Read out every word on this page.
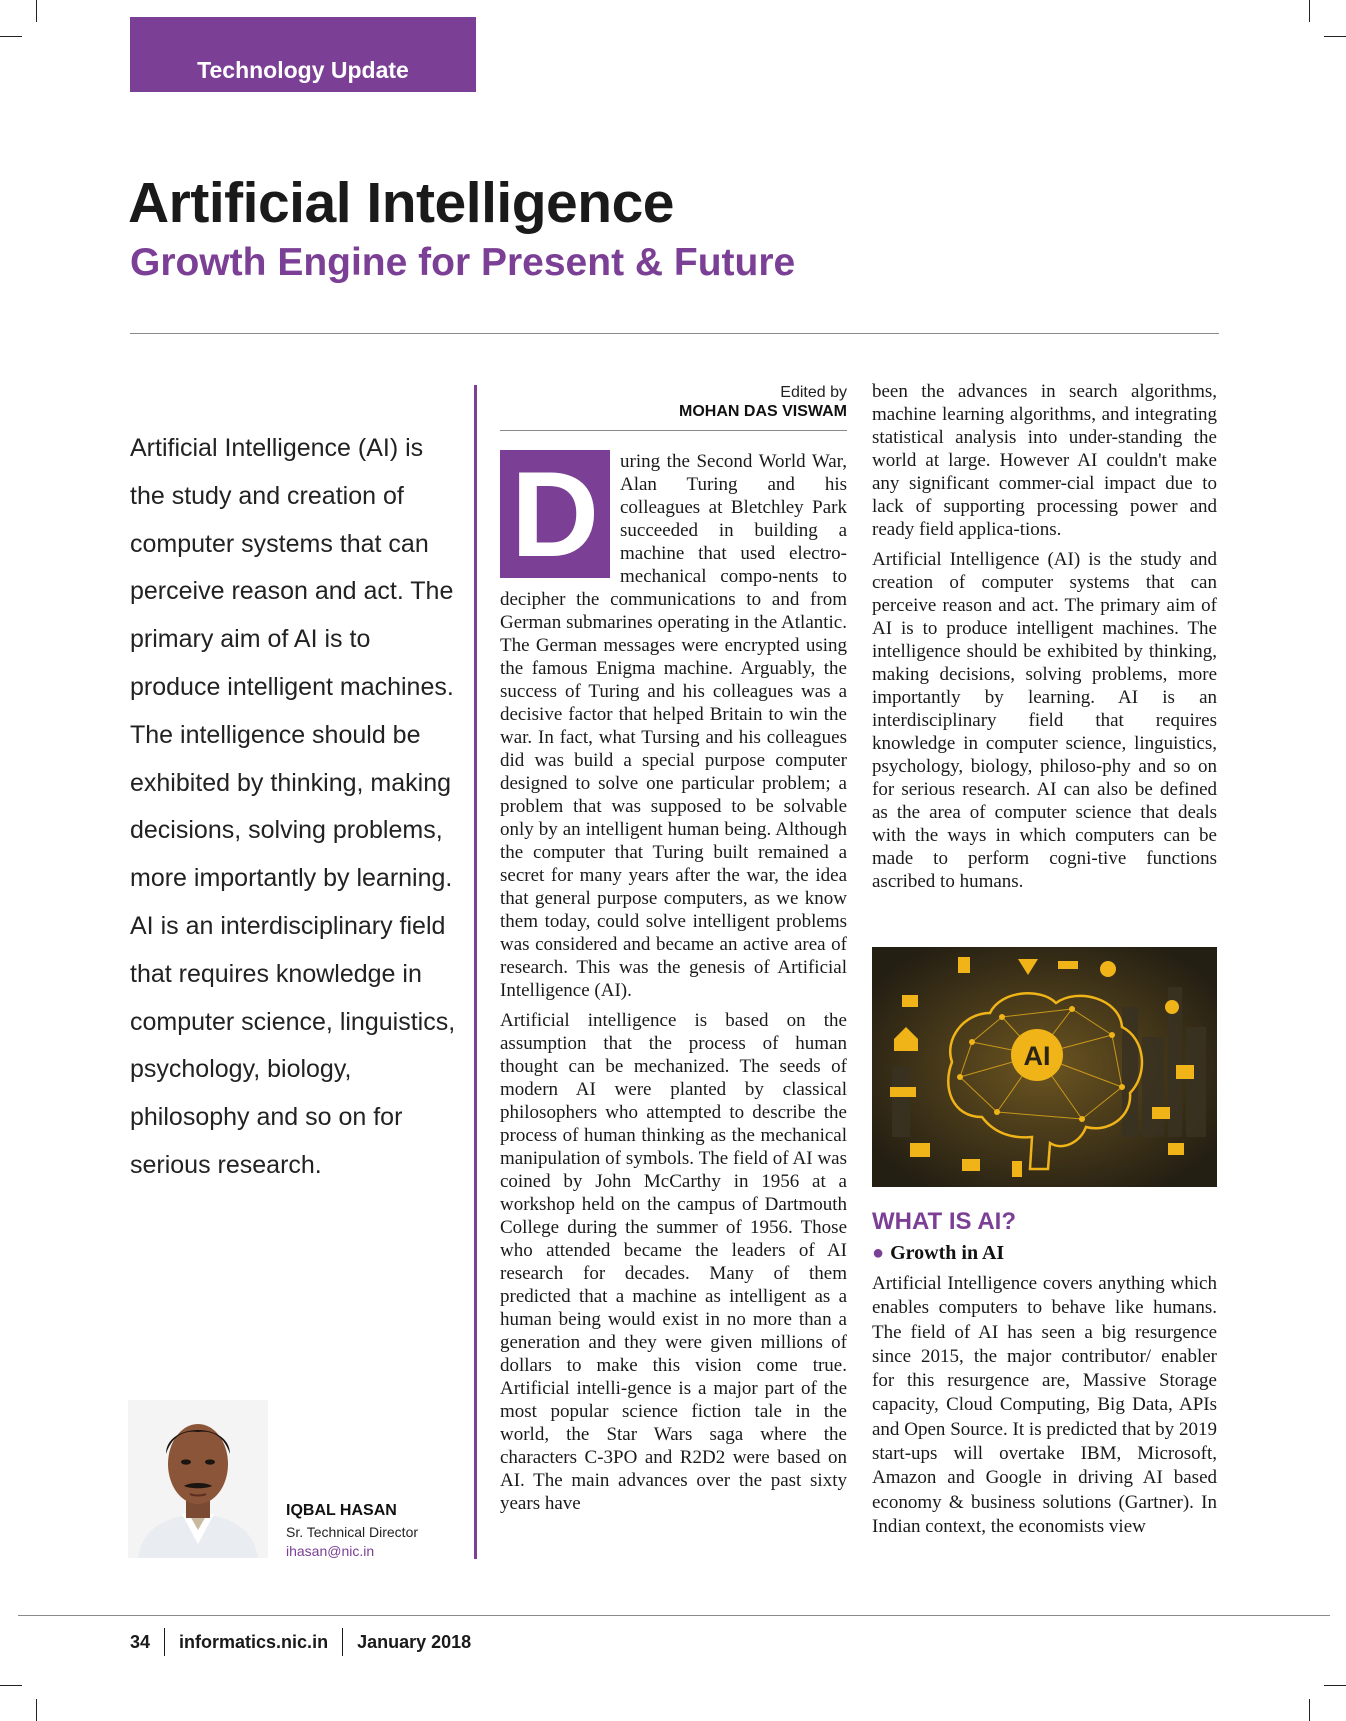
Technology Update
Artificial Intelligence
Growth Engine for Present & Future
Artificial Intelligence (AI) is
the study and creation of
computer systems that can
perceive reason and act. The
primary aim of AI is to
produce intelligent machines.
The intelligence should be
exhibited by thinking, making
decisions, solving problems,
more importantly by learning.
AI is an interdisciplinary field
that requires knowledge in
computer science, linguistics,
psychology, biology,
philosophy and so on for
serious research.
IQBAL HASAN
Sr. Technical Director
ihasan@nic.in
Edited by
MOHAN DAS VISWAM

D	uring the Second World War, Alan Turing and his colleagues at Bletchley Park succeeded in building a machine that used electro-mechanical compo-nents to decipher the communications to and from German submarines operating in the Atlantic. The German messages were encrypted using the famous Enigma machine. Arguably, the success of Turing and his colleagues was a decisive factor that helped Britain to win the war. In fact, what Tursing and his colleagues did was build a special purpose computer designed to solve one particular problem; a problem that was supposed to be solvable only by an intelligent human being. Although the computer that Turing built remained a secret for many years after the war, the idea that general purpose computers, as we know them today, could solve intelligent problems was considered and became an active area of research. This was the genesis of Artificial Intelligence (AI).

Artificial intelligence is based on the assumption that the process of human thought can be mechanized. The seeds of modern AI were planted by classical philosophers who attempted to describe the process of human thinking as the mechanical manipulation of symbols. The field of AI was coined by John McCarthy in 1956 at a workshop held on the campus of Dartmouth College during the summer of 1956. Those who attended became the leaders of AI research for decades. Many of them predicted that a machine as intelligent as a human being would exist in no more than a generation and they were given millions of dollars to make this vision come true. Artificial intelli-gence is a major part of the most popular science fiction tale in the world, the Star Wars saga where the characters C-3PO and R2D2 were based on AI. The main advances over the past sixty years have

been the advances in search algorithms, machine learning algorithms, and integrating statistical analysis into under-standing the world at large. However AI couldn't make any significant commer-cial impact due to lack of supporting processing power and ready field applica-tions.

Artificial Intelligence (AI) is the study and creation of computer systems that can perceive reason and act. The primary aim of AI is to produce intelligent machines. The intelligence should be exhibited by thinking, making decisions, solving problems, more importantly by learning. AI is an interdisciplinary field that requires knowledge in computer science, linguistics, psychology, biology, philoso-phy and so on for serious research. AI can also be defined as the area of computer science that deals with the ways in which computers can be made to perform cogni-tive functions ascribed to humans.

AI
WHAT IS AI?
● Growth in AI

Artificial Intelligence covers anything which enables computers to behave like humans. The field of AI has seen a big resurgence since 2015, the major contributor/ enabler for this resurgence are, Massive Storage capacity, Cloud Computing, Big Data, APIs and Open Source. It is predicted that by 2019 start-ups will overtake IBM, Microsoft, Amazon and Google in driving AI based economy & business solutions (Gartner). In Indian context, the economists view

34 informatics.nic.in January 2018
